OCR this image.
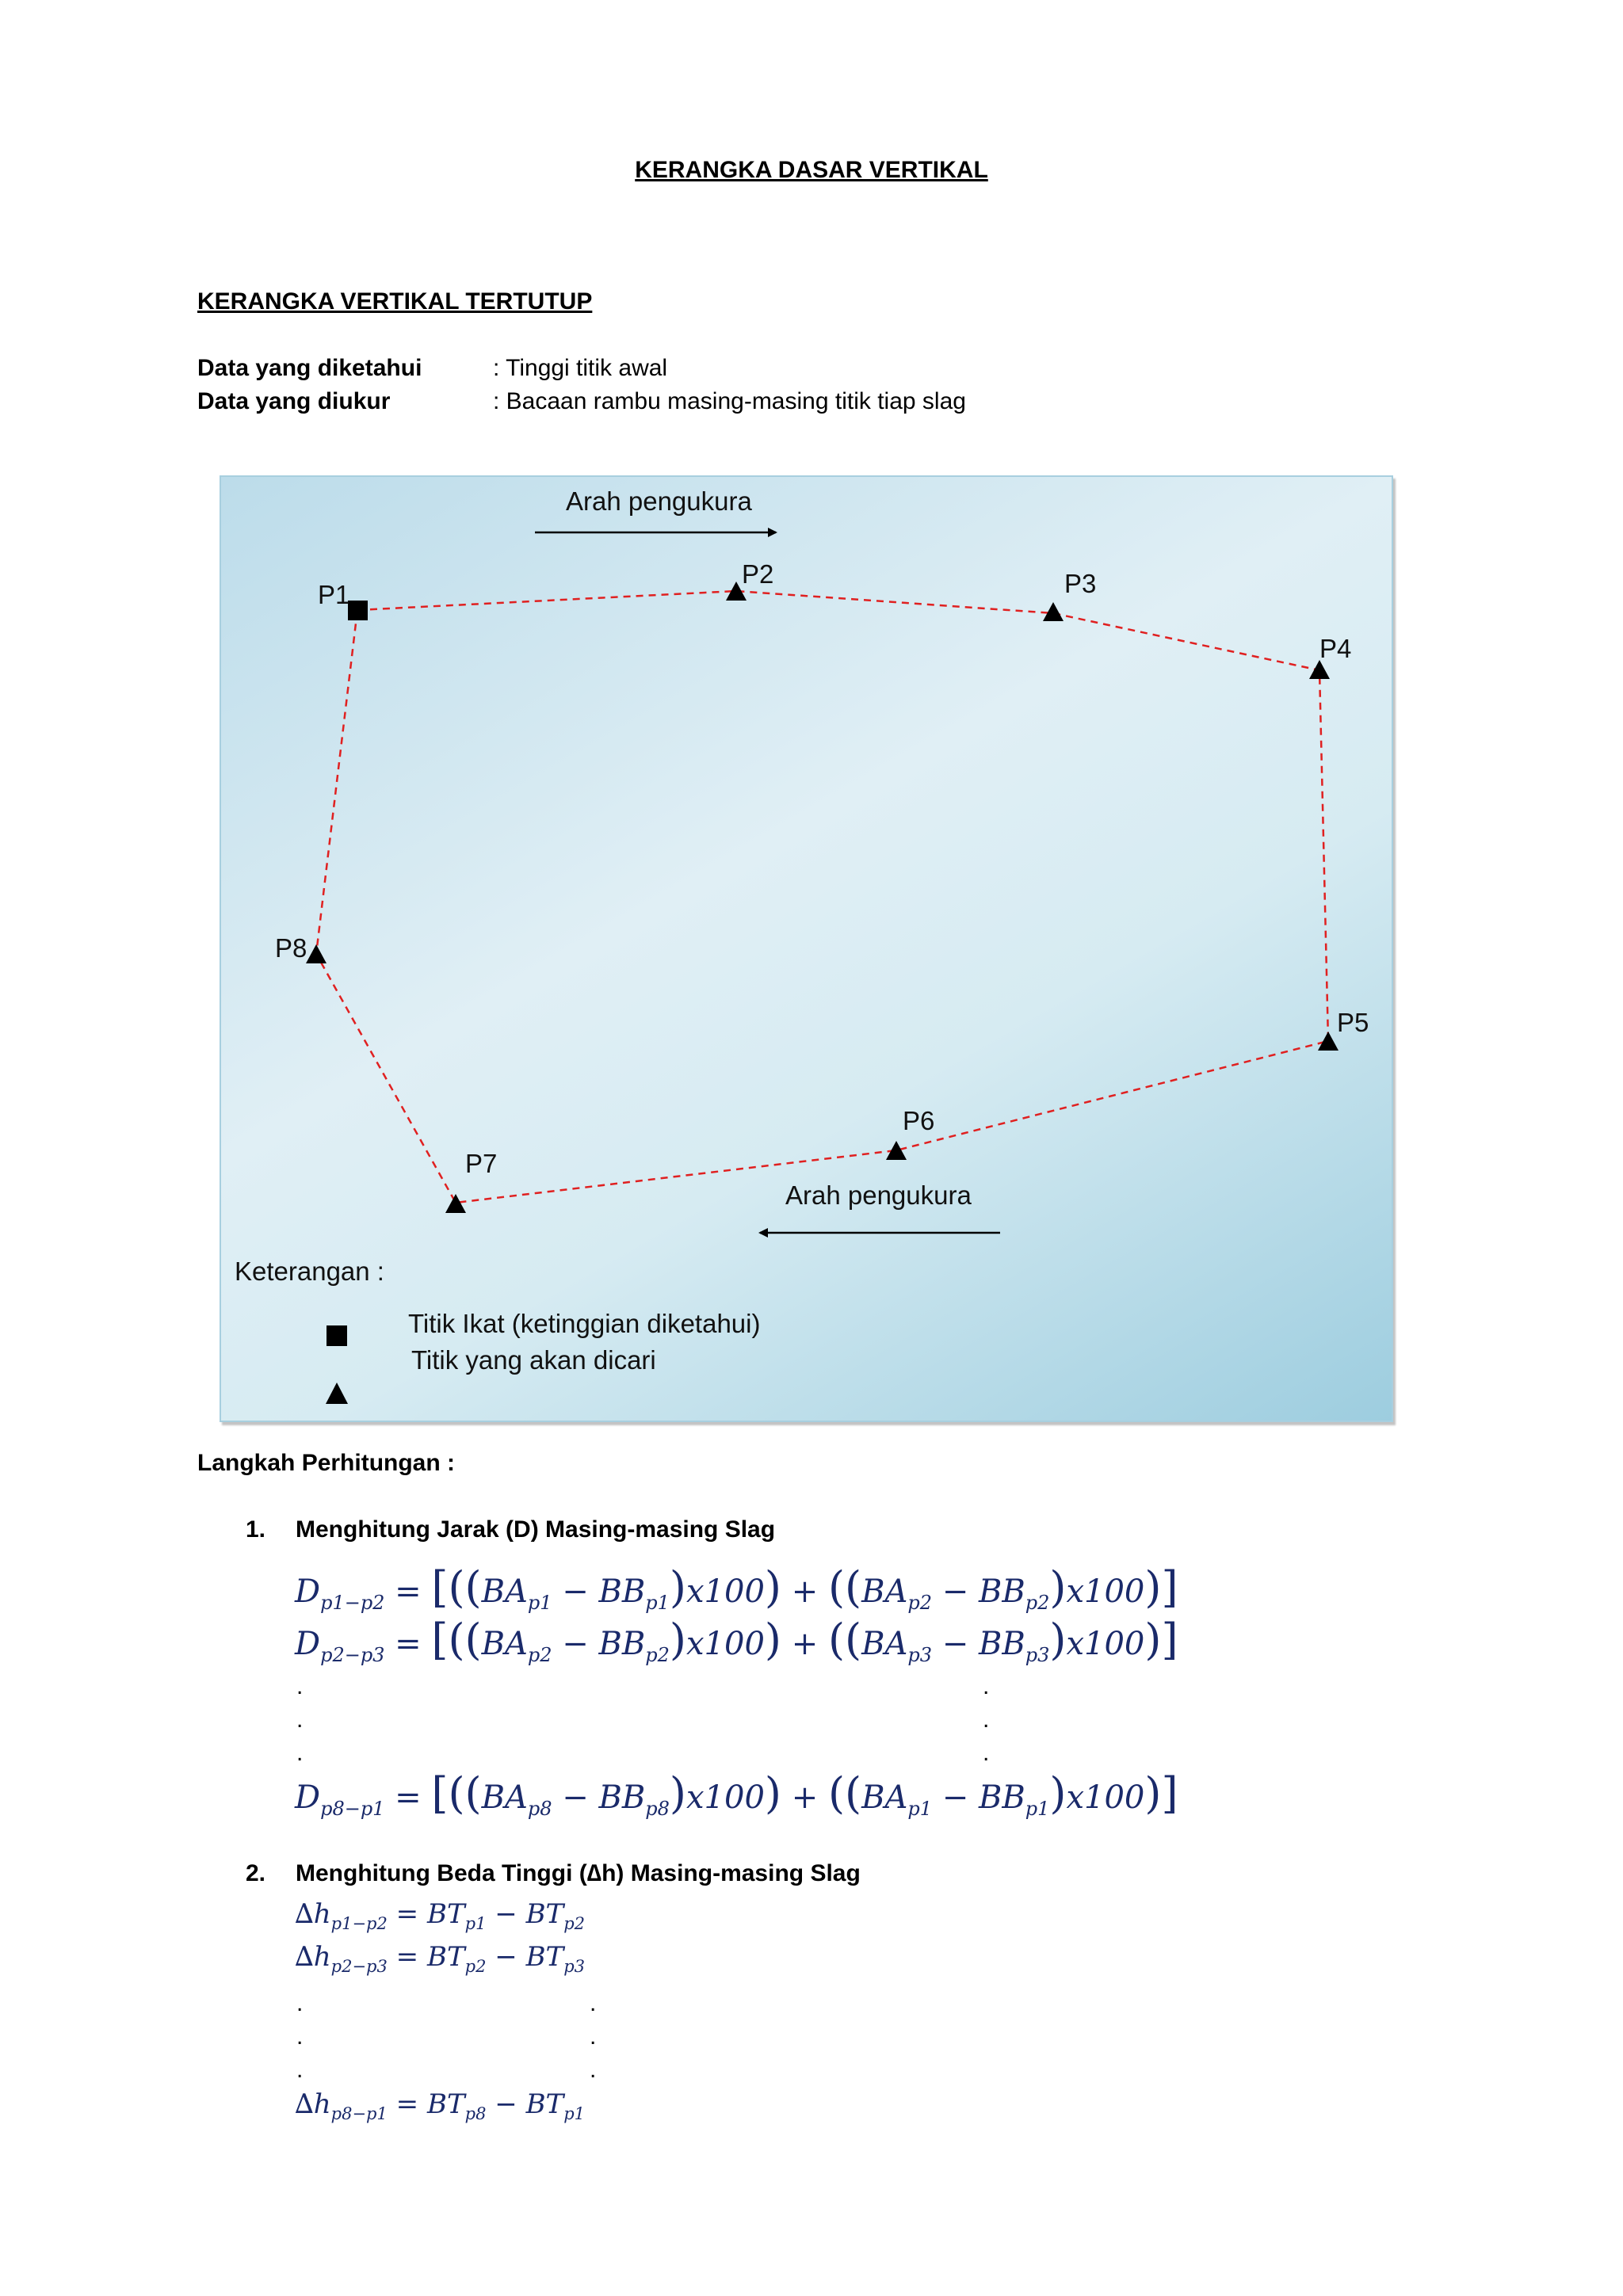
KERANGKA DASAR VERTIKAL
KERANGKA VERTIKAL TERTUTUP
Data yang diketahui	: Tinggi titik awal
Data yang diukur	: Bacaan rambu masing-masing titik tiap slag
Arah pengukura
Arah pengukura
P1
P2	P3
P4
P5
P6
P7
P8
Keterangan :
Titik Ikat (ketinggian diketahui)
Titik yang akan dicari
Langkah Perhitungan :
1. Menghitung Jarak (D) Masing-masing Slag
$D_{p1-p2} = [((BA_{p1} - BB_{p1})x100) + ((BA_{p2} - BB_{p2})x100)]$
$D_{p2-p3} = [((BA_{p2} - BB_{p2})x100) + ((BA_{p3} - BB_{p3})x100)]$
.	.
.	.
.	.
$D_{p8-p1} = [((BA_{p8} - BB_{p8})x100) + ((BA_{p1} - BB_{p1})x100)]$
2. Menghitung Beda Tinggi (∆h) Masing-masing Slag
$\Delta h_{p1-p2} = BT_{p1} - BT_{p2}$
$\Delta h_{p2-p3} = BT_{p2} - BT_{p3}$
.	.
.	.
.	.
$\Delta h_{p8-p1} = BT_{p8} - BT_{p1}$
